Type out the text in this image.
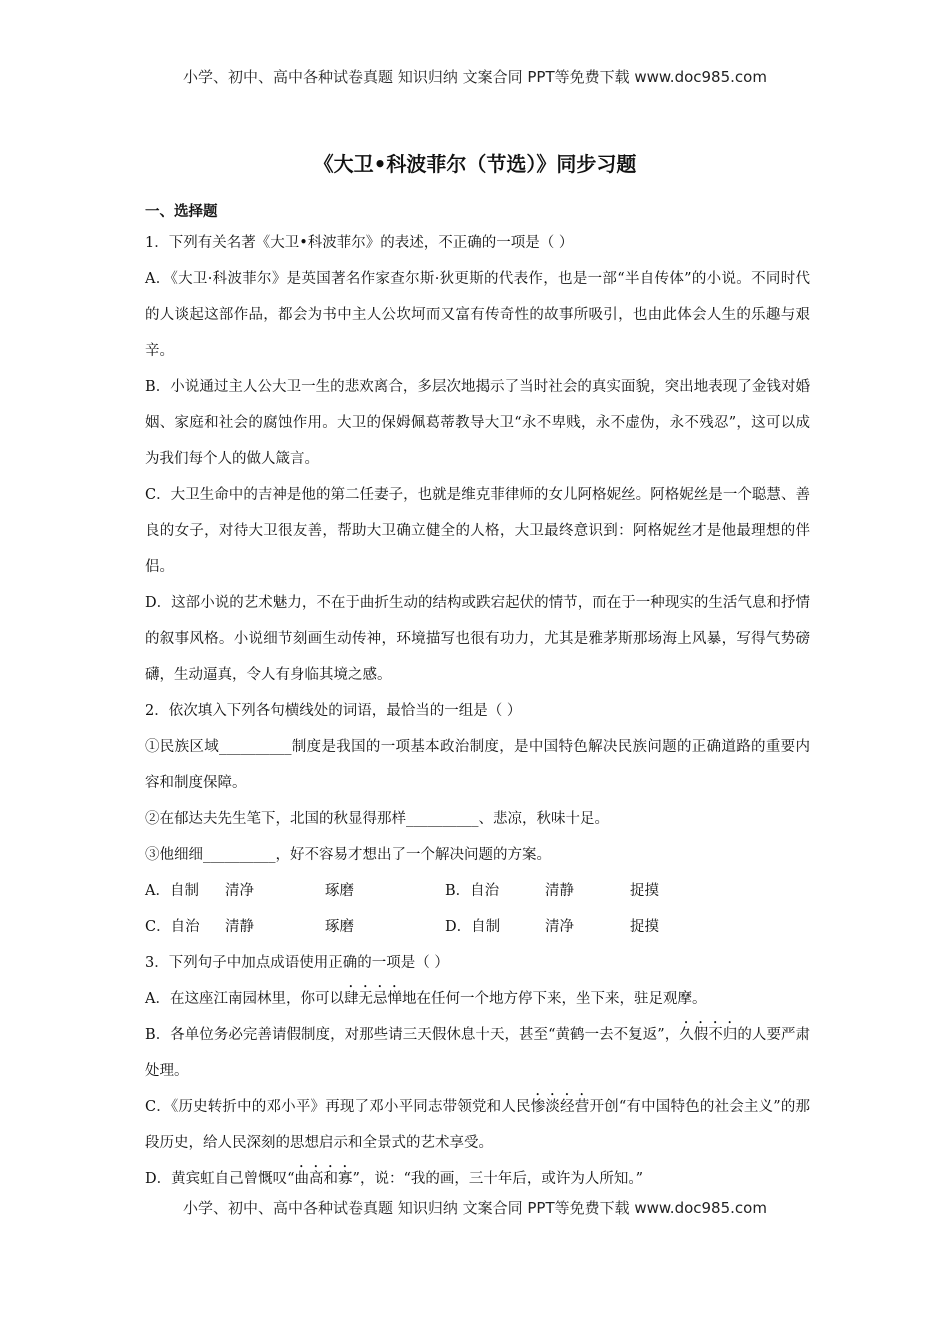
小学、初中、高中各种试卷真题 知识归纳 文案合同 PPT等免费下载 www.doc985.com
《大卫•科波菲尔（节选）》同步习题
一、选择题

1．下列有关名著《大卫•科波菲尔》的表述，不正确的一项是（ ）

A．《大卫·科波菲尔》是英国著名作家查尔斯·狄更斯的代表作，也是一部“半自传体”的小说。不同时代的人谈起这部作品，都会为书中主人公坎坷而又富有传奇性的故事所吸引，也由此体会人生的乐趣与艰辛。

B．小说通过主人公大卫一生的悲欢离合，多层次地揭示了当时社会的真实面貌，突出地表现了金钱对婚姻、家庭和社会的腐蚀作用。大卫的保姆佩葛蒂教导大卫“永不卑贱，永不虚伪，永不残忍”，这可以成为我们每个人的做人箴言。

C．大卫生命中的吉神是他的第二任妻子，也就是维克菲律师的女儿阿格妮丝。阿格妮丝是一个聪慧、善良的女子，对待大卫很友善，帮助大卫确立健全的人格，大卫最终意识到：阿格妮丝才是他最理想的伴侣。

D．这部小说的艺术魅力，不在于曲折生动的结构或跌宕起伏的情节，而在于一种现实的生活气息和抒情的叙事风格。小说细节刻画生动传神，环境描写也很有功力，尤其是雅茅斯那场海上风暴，写得气势磅礴，生动逼真，令人有身临其境之感。

2．依次填入下列各句横线处的词语，最恰当的一组是（ ）

①民族区域__________制度是我国的一项基本政治制度，是中国特色解决民族问题的正确道路的重要内容和制度保障。

②在郁达夫先生笔下，北国的秋显得那样__________、悲凉，秋味十足。

③他细细__________，好不容易才想出了一个解决问题的方案。

A．自制	清净	琢磨	B．自治	清静	捉摸
C．自治	清静	琢磨	D．自制	清净	捉摸

3．下列句子中加点成语使用正确的一项是（ ）

A．在这座江南园林里，你可以肆无忌惮地在任何一个地方停下来，坐下来，驻足观摩。

B．各单位务必完善请假制度，对那些请三天假休息十天，甚至“黄鹤一去不复返”，久假不归的人要严肃处理。

C．《历史转折中的邓小平》再现了邓小平同志带领党和人民惨淡经营开创“有中国特色的社会主义”的那段历史，给人民深刻的思想启示和全景式的艺术享受。

D．黄宾虹自己曾慨叹“曲高和寡”，说：“我的画，三十年后，或许为人所知。”

小学、初中、高中各种试卷真题 知识归纳 文案合同 PPT等免费下载 www.doc985.com
